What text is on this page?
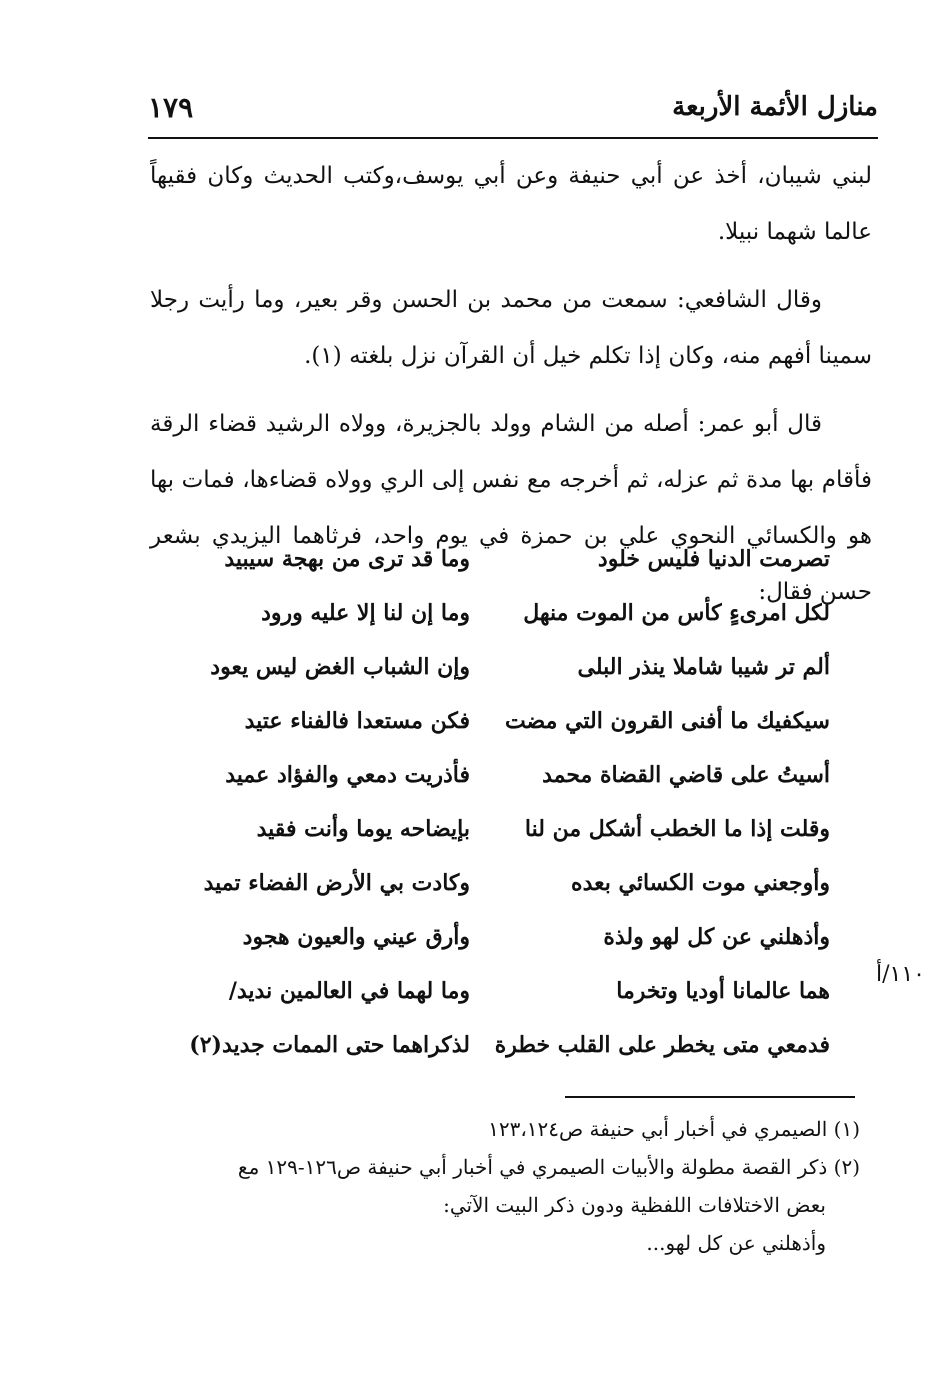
منازل الأئمة الأربعة
١٧٩

لبني شيبان، أخذ عن أبي حنيفة وعن أبي يوسف،وكتب الحديث وكان فقيهاً عالما شهما نبيلا.

وقال الشافعي: سمعت من محمد بن الحسن وقر بعير، وما رأيت رجلا سمينا أفهم منه، وكان إذا تكلم خيل أن القرآن نزل بلغته (١).

قال أبو عمر: أصله من الشام وولد بالجزيرة، وولاه الرشيد قضاء الرقة فأقام بها مدة ثم عزله، ثم أخرجه مع نفس إلى الري وولاه قضاءها، فمات بها هو والكسائي النحوي علي بن حمزة في يوم واحد، فرثاهما اليزيدي بشعر حسن فقال:

تصرمت الدنيا فليس خلود
وما قد ترى من بهجة سيبيد
لكل امرىءٍ كأس من الموت منهل
وما إن لنا إلا عليه ورود
ألم تر شيبا شاملا ينذر البلى
وإن الشباب الغض ليس يعود
سيكفيك ما أفنى القرون التي مضت
فكن مستعدا فالفناء عتيد
أسيتُ على قاضي القضاة محمد
فأذريت دمعي والفؤاد عميد
وقلت إذا ما الخطب أشكل من لنا
بإيضاحه يوما وأنت فقيد
وأوجعني موت الكسائي بعده
وكادت بي الأرض الفضاء تميد
وأذهلني عن كل لهو ولذة
وأرق عيني والعيون هجود
هما عالمانا أوديا وتخرما
وما لهما في العالمين نديد/
فدمعي متى يخطر على القلب خطرة
لذكراهما حتى الممات جديد(٢)
١١٠/أ

(١) الصيمري في أخبار أبي حنيفة ص١٢٣،١٢٤

(٢) ذكر القصة مطولة والأبيات الصيمري في أخبار أبي حنيفة ص١٢٦-١٢٩ مع

بعض الاختلافات اللفظية ودون ذكر البيت الآتي:

وأذهلني عن كل لهو...
